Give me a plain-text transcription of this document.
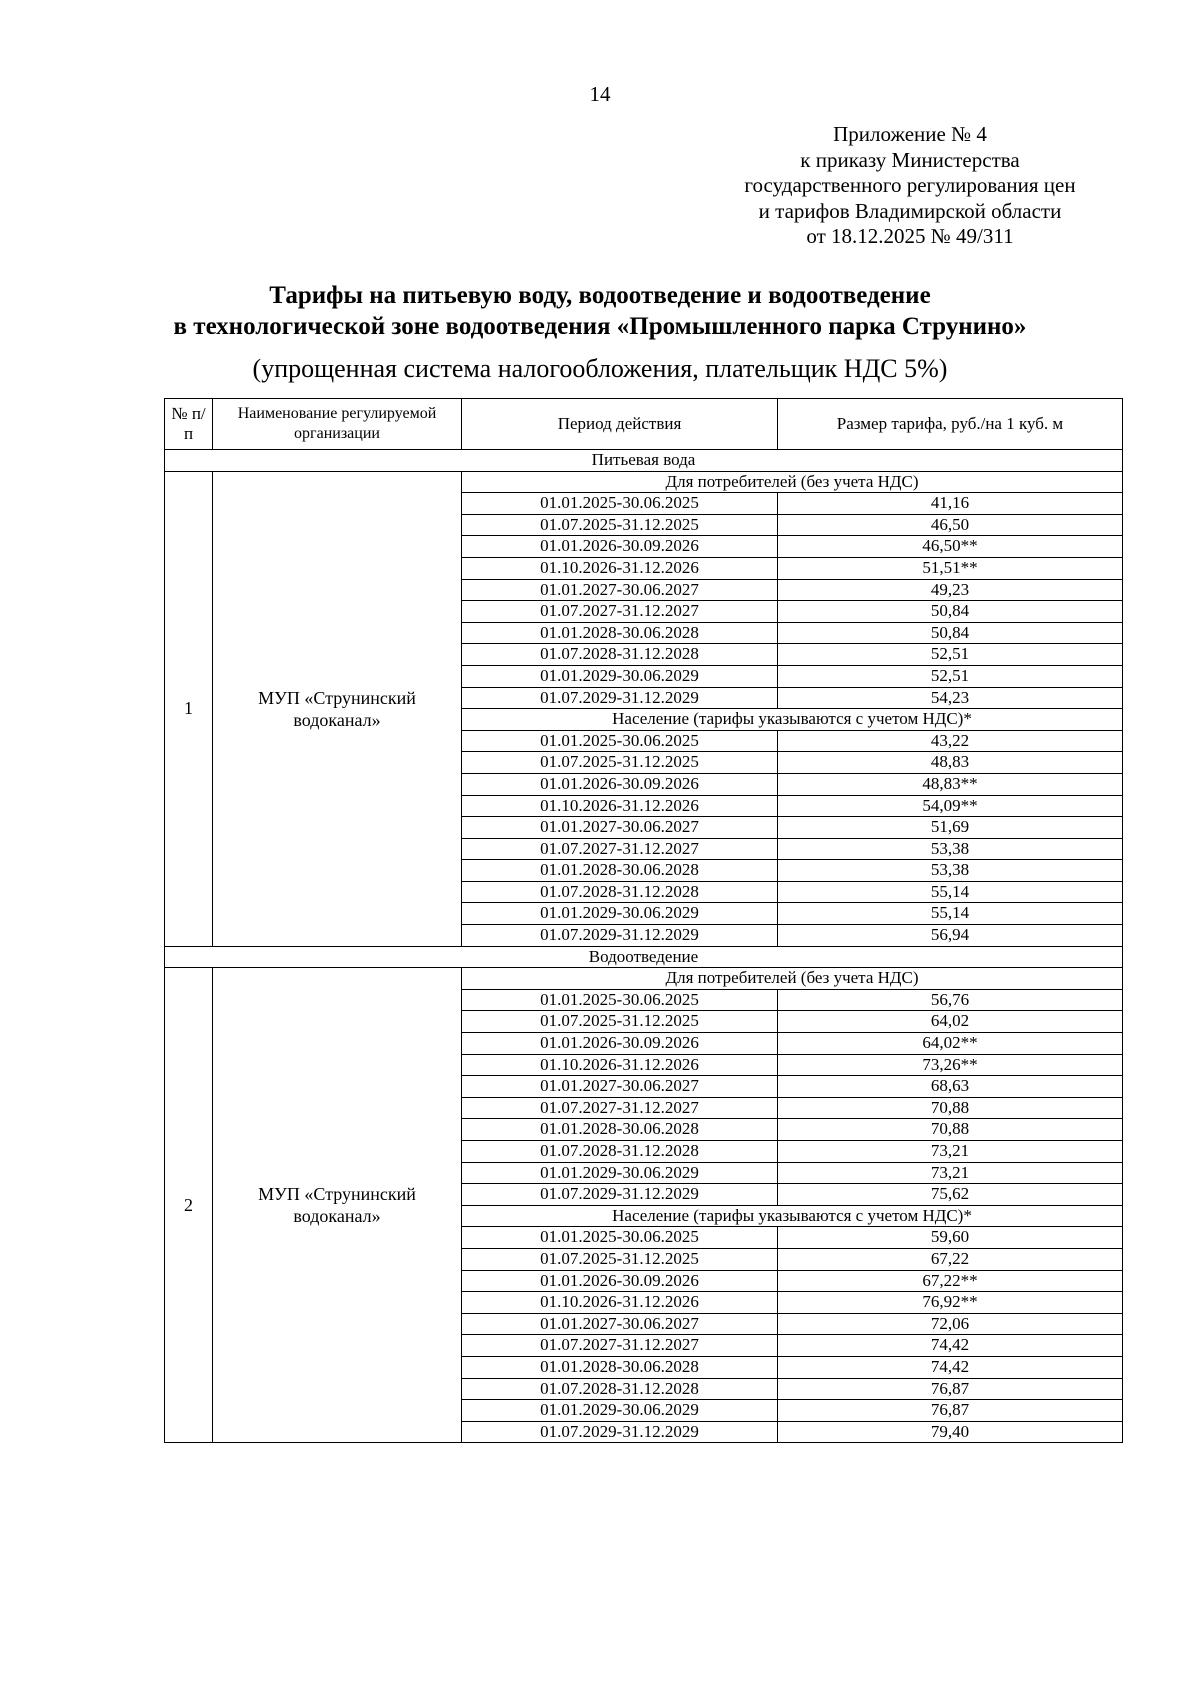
14
Приложение № 4
к приказу Министерства
государственного регулирования цен
и тарифов Владимирской области
от 18.12.2025 № 49/311
Тарифы на питьевую воду, водоотведение и водоотведение
в технологической зоне водоотведения «Промышленного парка Струнино»
(упрощенная система налогообложения, плательщик НДС 5%)
№ п/п	Наименование регулируемой организации	Период действия	Размер тарифа, руб./на 1 куб. м
Питьевая вода			
1	МУП «Струнинский водоканал»	Для потребителей (без учета НДС)	
		01.01.2025-30.06.2025	41,16
		01.07.2025-31.12.2025	46,50
		01.01.2026-30.09.2026	46,50**
		01.10.2026-31.12.2026	51,51**
		01.01.2027-30.06.2027	49,23
		01.07.2027-31.12.2027	50,84
		01.01.2028-30.06.2028	50,84
		01.07.2028-31.12.2028	52,51
		01.01.2029-30.06.2029	52,51
		01.07.2029-31.12.2029	54,23
		Население (тарифы указываются с учетом НДС)*	
		01.01.2025-30.06.2025	43,22
		01.07.2025-31.12.2025	48,83
		01.01.2026-30.09.2026	48,83**
		01.10.2026-31.12.2026	54,09**
		01.01.2027-30.06.2027	51,69
		01.07.2027-31.12.2027	53,38
		01.01.2028-30.06.2028	53,38
		01.07.2028-31.12.2028	55,14
		01.01.2029-30.06.2029	55,14
		01.07.2029-31.12.2029	56,94
Водоотведение			
2	МУП «Струнинский водоканал»	Для потребителей (без учета НДС)	
		01.01.2025-30.06.2025	56,76
		01.07.2025-31.12.2025	64,02
		01.01.2026-30.09.2026	64,02**
		01.10.2026-31.12.2026	73,26**
		01.01.2027-30.06.2027	68,63
		01.07.2027-31.12.2027	70,88
		01.01.2028-30.06.2028	70,88
		01.07.2028-31.12.2028	73,21
		01.01.2029-30.06.2029	73,21
		01.07.2029-31.12.2029	75,62
		Население (тарифы указываются с учетом НДС)*	
		01.01.2025-30.06.2025	59,60
		01.07.2025-31.12.2025	67,22
		01.01.2026-30.09.2026	67,22**
		01.10.2026-31.12.2026	76,92**
		01.01.2027-30.06.2027	72,06
		01.07.2027-31.12.2027	74,42
		01.01.2028-30.06.2028	74,42
		01.07.2028-31.12.2028	76,87
		01.01.2029-30.06.2029	76,87
		01.07.2029-31.12.2029	79,40
